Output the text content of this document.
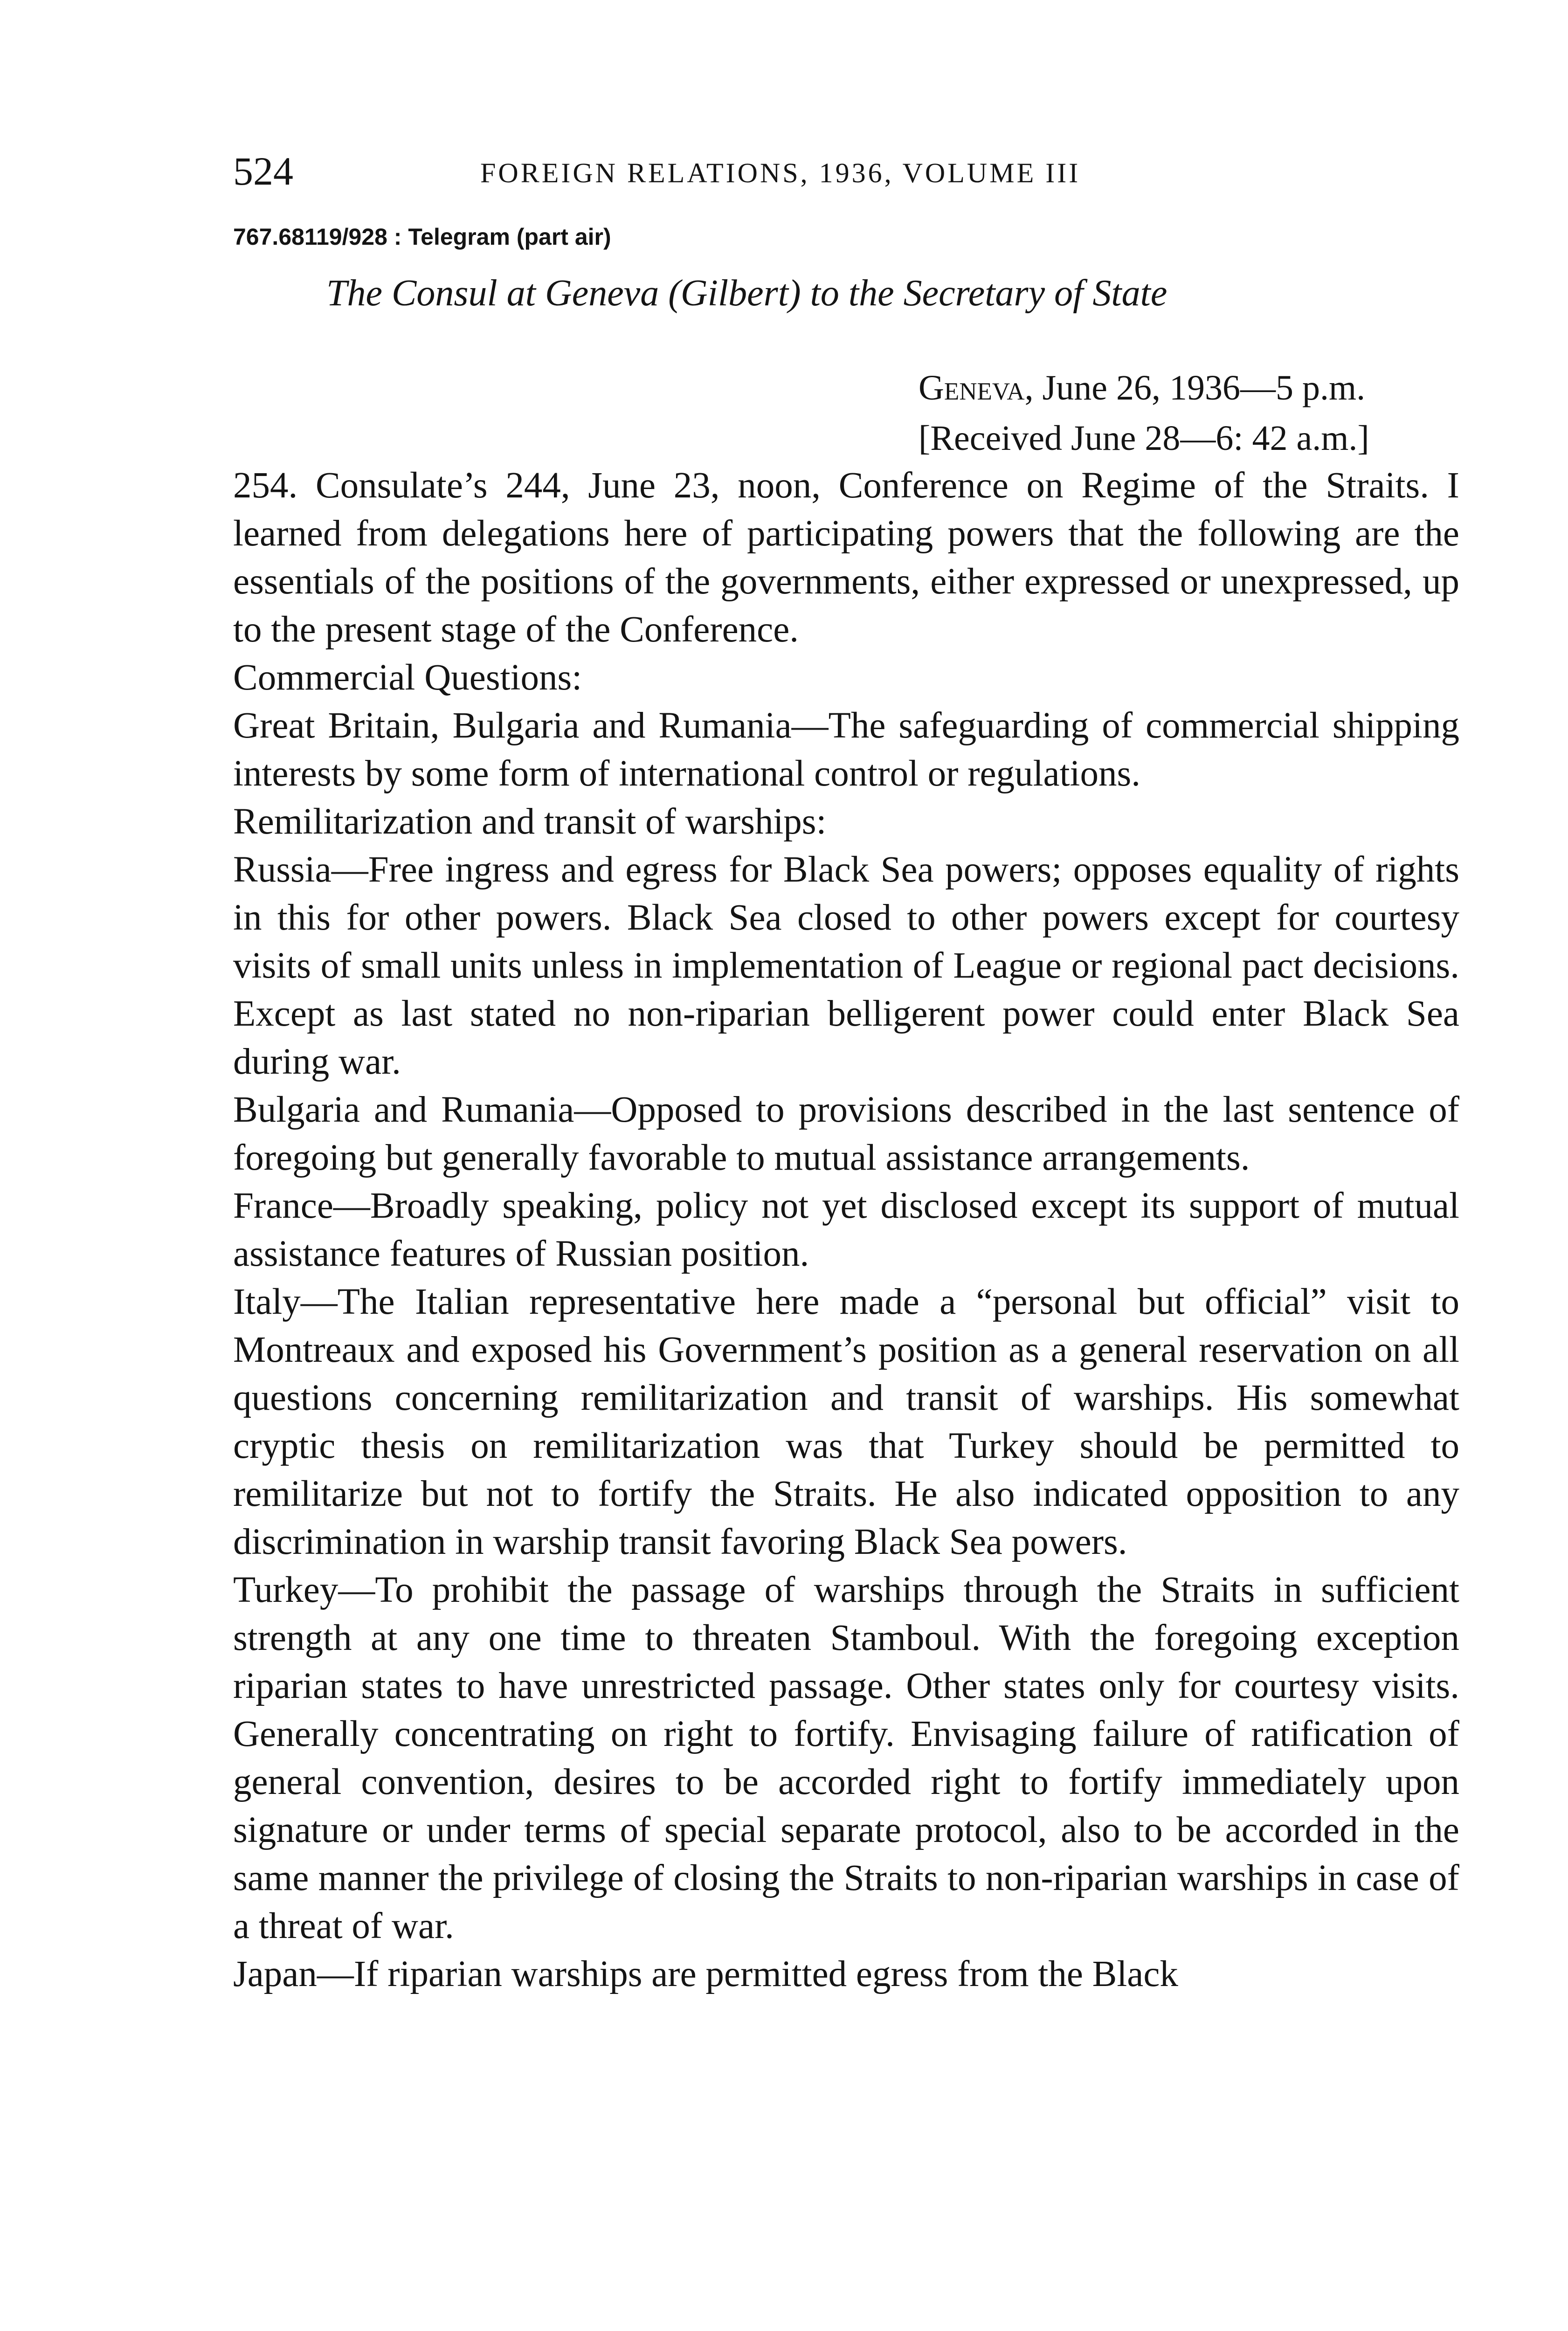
524	FOREIGN RELATIONS, 1936, VOLUME III
767.68119/928 : Telegram (part air)
The Consul at Geneva (Gilbert) to the Secretary of State
Geneva, June 26, 1936—5 p.m.
[Received June 28—6: 42 a.m.]

254. Consulate’s 244, June 23, noon, Conference on Regime of the Straits. I learned from delegations here of participating powers that the following are the essentials of the positions of the governments, either expressed or unexpressed, up to the present stage of the Conference.

Commercial Questions:

Great Britain, Bulgaria and Rumania—The safeguarding of commercial shipping interests by some form of international control or regulations.

Remilitarization and transit of warships:

Russia—Free ingress and egress for Black Sea powers; opposes equality of rights in this for other powers. Black Sea closed to other powers except for courtesy visits of small units unless in implementation of League or regional pact decisions. Except as last stated no non-riparian belligerent power could enter Black Sea during war.

Bulgaria and Rumania—Opposed to provisions described in the last sentence of foregoing but generally favorable to mutual assistance arrangements.

France—Broadly speaking, policy not yet disclosed except its support of mutual assistance features of Russian position.

Italy—The Italian representative here made a “personal but official” visit to Montreaux and exposed his Government’s position as a general reservation on all questions concerning remilitarization and transit of warships. His somewhat cryptic thesis on remilitarization was that Turkey should be permitted to remilitarize but not to fortify the Straits. He also indicated opposition to any discrimination in warship transit favoring Black Sea powers.

Turkey—To prohibit the passage of warships through the Straits in sufficient strength at any one time to threaten Stamboul. With the foregoing exception riparian states to have unrestricted passage. Other states only for courtesy visits. Generally concentrating on right to fortify. Envisaging failure of ratification of general convention, desires to be accorded right to fortify immediately upon signature or under terms of special separate protocol, also to be accorded in the same manner the privilege of closing the Straits to non-riparian warships in case of a threat of war.

Japan—If riparian warships are permitted egress from the Black
